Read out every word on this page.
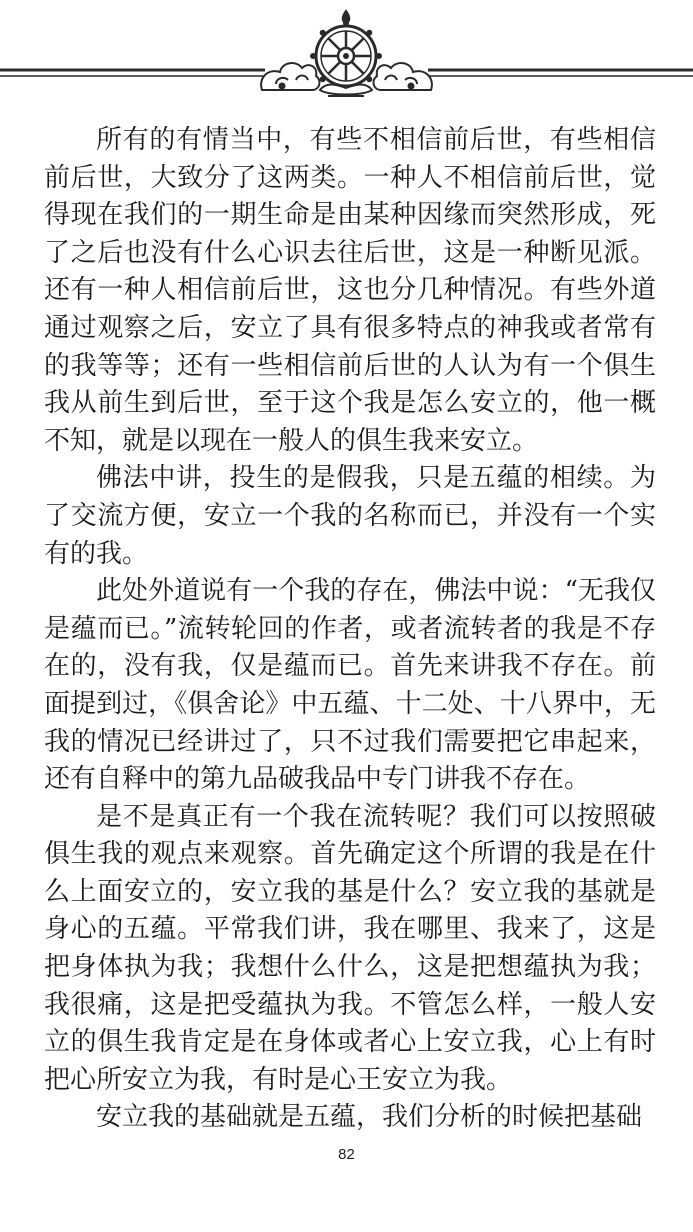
所有的有情当中，有些不相信前后世，有些相信前后世，大致分了这两类。一种人不相信前后世，觉得现在我们的一期生命是由某种因缘而突然形成，死了之后也没有什么心识去往后世，这是一种断见派。还有一种人相信前后世，这也分几种情况。有些外道通过观察之后，安立了具有很多特点的神我或者常有的我等等；还有一些相信前后世的人认为有一个俱生我从前生到后世，至于这个我是怎么安立的，他一概不知，就是以现在一般人的俱生我来安立。

佛法中讲，投生的是假我，只是五蕴的相续。为了交流方便，安立一个我的名称而已，并没有一个实有的我。

此处外道说有一个我的存在，佛法中说：“无我仅是蕴而已。”流转轮回的作者，或者流转者的我是不存在的，没有我，仅是蕴而已。首先来讲我不存在。前面提到过，《俱舍论》中五蕴、十二处、十八界中，无我的情况已经讲过了，只不过我们需要把它串起来，还有自释中的第九品破我品中专门讲我不存在。

是不是真正有一个我在流转呢？我们可以按照破俱生我的观点来观察。首先确定这个所谓的我是在什么上面安立的，安立我的基是什么？安立我的基就是身心的五蕴。平常我们讲，我在哪里、我来了，这是把身体执为我；我想什么什么，这是把想蕴执为我；我很痛，这是把受蕴执为我。不管怎么样，一般人安立的俱生我肯定是在身体或者心上安立我，心上有时把心所安立为我，有时是心王安立为我。

安立我的基础就是五蕴，我们分析的时候把基础

82
